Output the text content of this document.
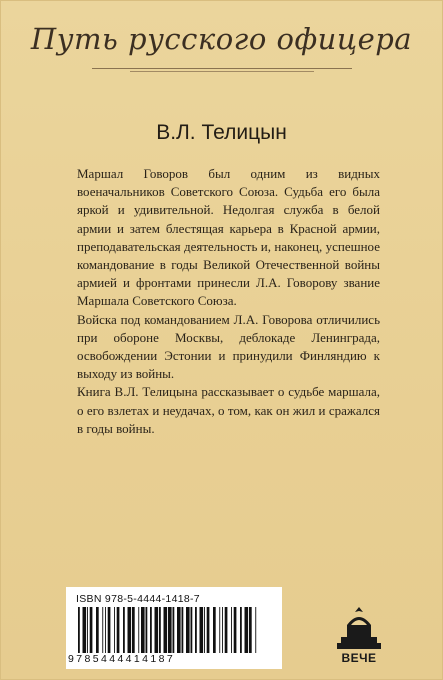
Путь русского офицера
В.Л. Телицын

Маршал Говоров был одним из видных военачальников Советского Союза. Судьба его была яркой и удивительной. Недолгая служба в белой армии и затем блестящая карьера в Красной армии, преподавательская деятельность и, наконец, успешное командование в годы Великой Отечественной войны армией и фронтами принесли Л.А. Говорову звание Маршала Советского Союза.

Войска под командованием Л.А. Говорова отличились при обороне Москвы, деблокаде Ленинграда, освобождении Эстонии и принудили Финляндию к выходу из войны.

Книга В.Л. Телицына рассказывает о судьбе маршала, о его взлетах и неудачах, о том, как он жил и сражался в годы войны.

ISBN 978-5-4444-1418-7
9785444414187	ВЕЧЕ
